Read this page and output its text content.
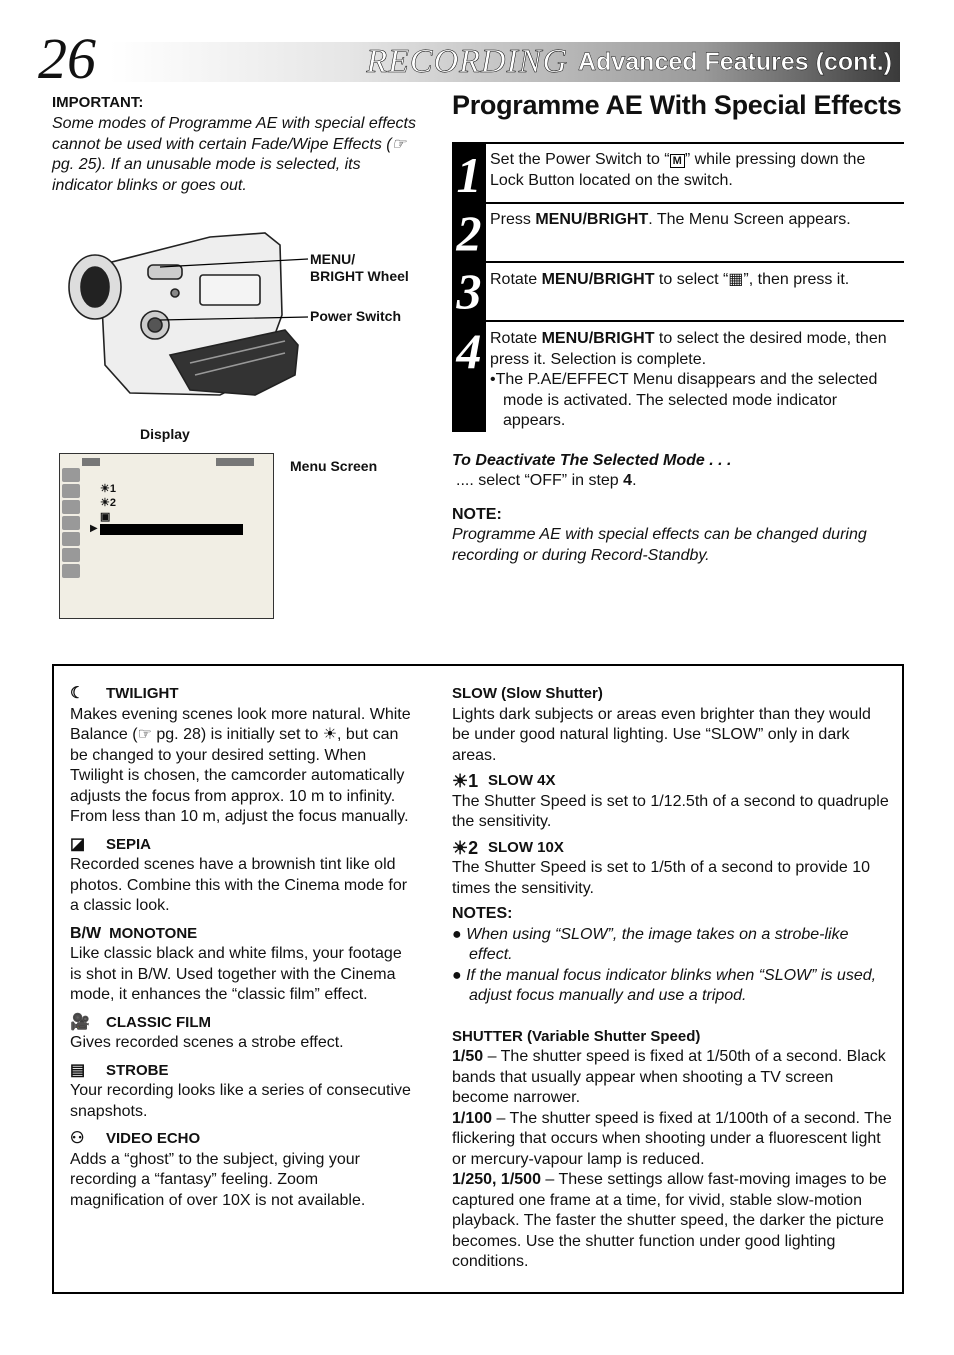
26	RECORDING Advanced Features (cont.)
IMPORTANT:
Some modes of Programme AE with special effects cannot be used with certain Fade/Wipe Effects (☞ pg. 25). If an unusable mode is selected, its indicator blinks or goes out.
MENU/
BRIGHT Wheel
Power Switch
Display
Menu Screen
☀1
☀2
▣
▶
Programme AE With Special Effects
1 Set the Power Switch to “ M ” while pressing down the Lock Button located on the switch.
2 Press MENU/BRIGHT. The Menu Screen appears.
3 Rotate MENU/BRIGHT to select “▦”, then press it.
4 Rotate MENU/BRIGHT to select the desired mode, then press it. Selection is complete.
•The P.AE/EFFECT Menu disappears and the selected mode is activated. The selected mode indicator appears.
To Deactivate The Selected Mode . . .
.... select “OFF” in step 4.
NOTE:
Programme AE with special effects can be changed during recording or during Record-Standby.
☾	TWILIGHT
Makes evening scenes look more natural. White Balance (☞ pg. 28) is initially set to ☀, but can be changed to your desired setting. When Twilight is chosen, the camcorder automatically adjusts the focus from approx. 10 m to infinity. From less than 10 m, adjust the focus manually.
◪	SEPIA
Recorded scenes have a brownish tint like old photos. Combine this with the Cinema mode for a classic look.
B/W MONOTONE
Like classic black and white films, your footage is shot in B/W. Used together with the Cinema mode, it enhances the “classic film” effect.
🎥	CLASSIC FILM
Gives recorded scenes a strobe effect.
▤	STROBE
Your recording looks like a series of consecutive snapshots.
⚇	VIDEO ECHO
Adds a “ghost” to the subject, giving your recording a “fantasy” feeling. Zoom magnification of over 10X is not available.
SLOW (Slow Shutter)
Lights dark subjects or areas even brighter than they would be under good natural lighting. Use “SLOW” only in dark areas.
☀1 SLOW 4X
The Shutter Speed is set to 1/12.5th of a second to quadruple the sensitivity.
☀2 SLOW 10X
The Shutter Speed is set to 1/5th of a second to provide 10 times the sensitivity.
NOTES:
● When using “SLOW”, the image takes on a strobe-like effect.
● If the manual focus indicator blinks when “SLOW” is used, adjust focus manually and use a tripod.
SHUTTER (Variable Shutter Speed)
1/50 – The shutter speed is fixed at 1/50th of a second. Black bands that usually appear when shooting a TV screen become narrower.
1/100 – The shutter speed is fixed at 1/100th of a second. The flickering that occurs when shooting under a fluorescent light or mercury-vapour lamp is reduced.
1/250, 1/500 – These settings allow fast-moving images to be captured one frame at a time, for vivid, stable slow-motion playback. The faster the shutter speed, the darker the picture becomes. Use the shutter function under good lighting conditions.
